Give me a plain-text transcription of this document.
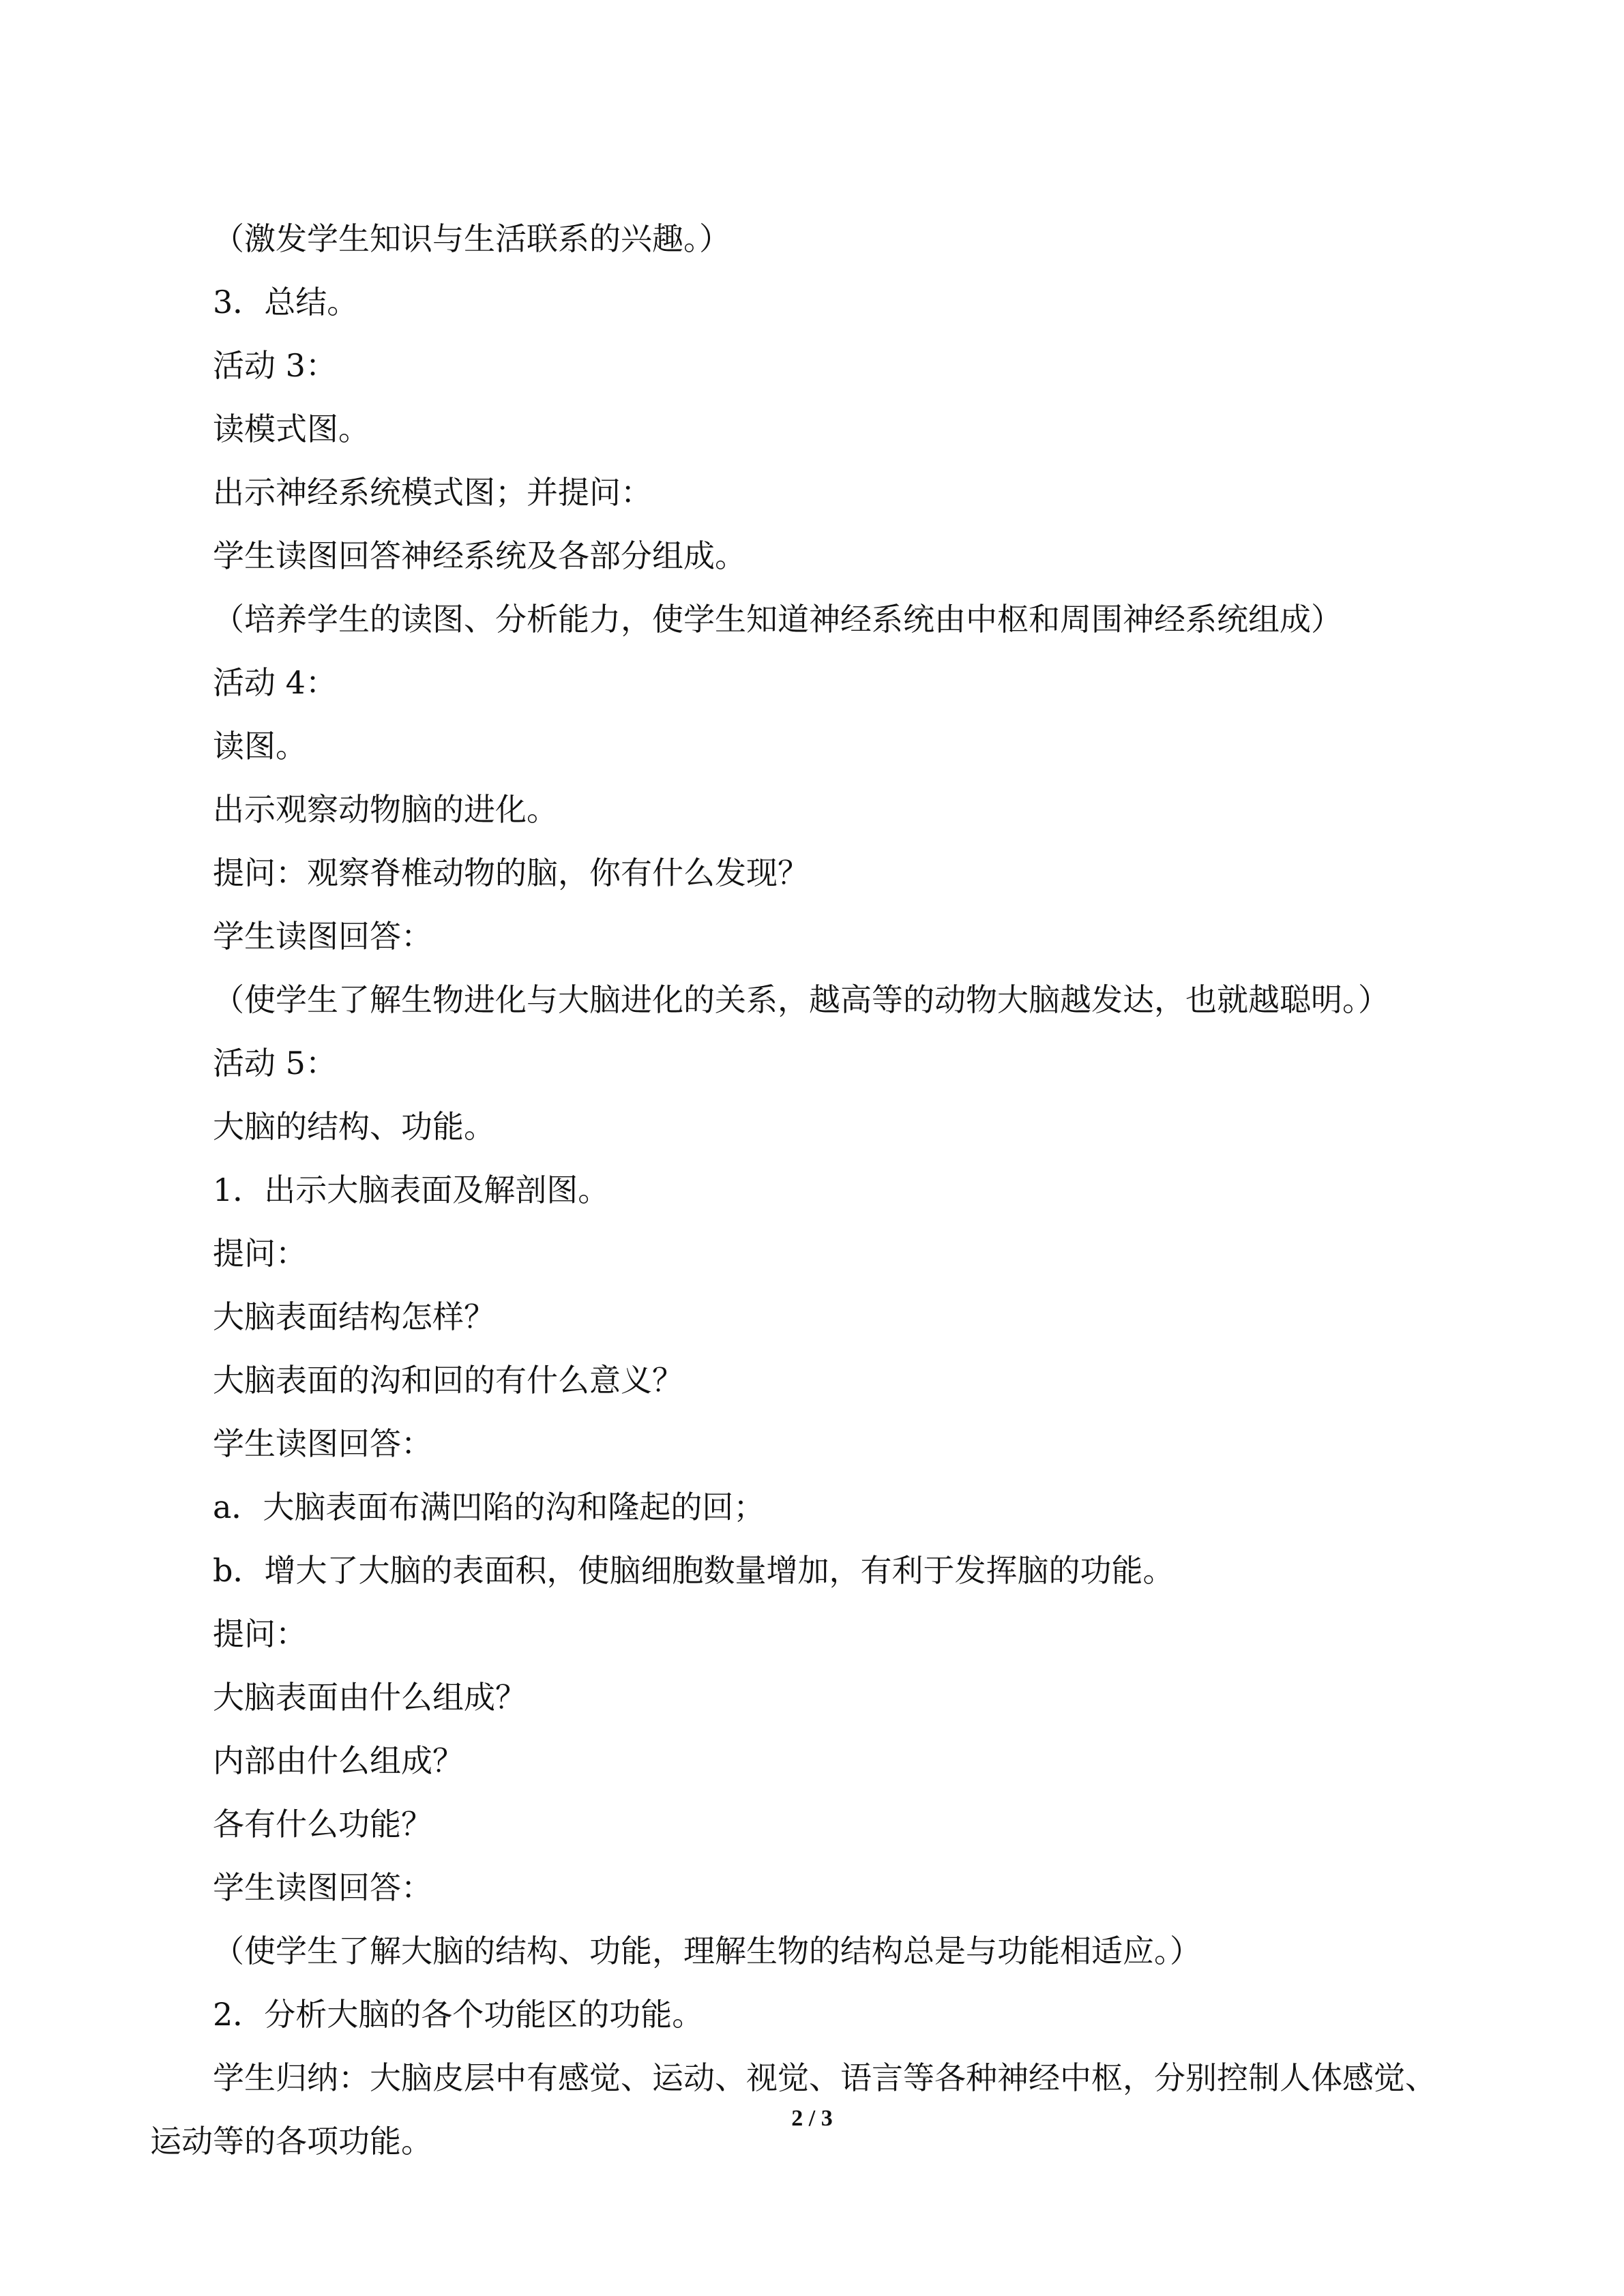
（激发学生知识与生活联系的兴趣。）

3．总结。

活动 3：

读模式图。

出示神经系统模式图；并提问：

学生读图回答神经系统及各部分组成。

（培养学生的读图、分析能力，使学生知道神经系统由中枢和周围神经系统组成）

活动 4：

读图。

出示观察动物脑的进化。

提问：观察脊椎动物的脑，你有什么发现？

学生读图回答：

（使学生了解生物进化与大脑进化的关系，越高等的动物大脑越发达，也就越聪明。）

活动 5：

大脑的结构、功能。

1．出示大脑表面及解剖图。

提问：

大脑表面结构怎样？

大脑表面的沟和回的有什么意义？

学生读图回答：

a．大脑表面布满凹陷的沟和隆起的回；

b．增大了大脑的表面积，使脑细胞数量增加，有利于发挥脑的功能。

提问：

大脑表面由什么组成？

内部由什么组成？

各有什么功能？

学生读图回答：

（使学生了解大脑的结构、功能，理解生物的结构总是与功能相适应。）

2．分析大脑的各个功能区的功能。

学生归纳：大脑皮层中有感觉、运动、视觉、语言等各种神经中枢，分别控制人体感觉、运动等的各项功能。

2 / 3
